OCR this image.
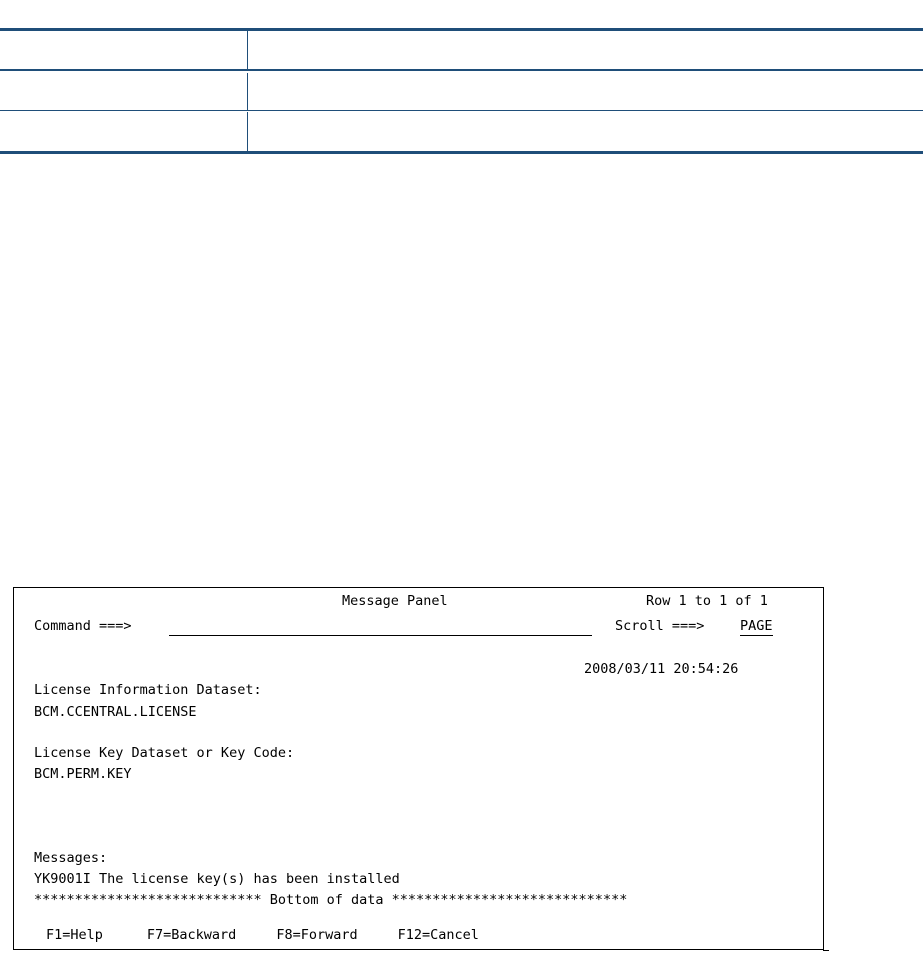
Message Panel	Row 1 to 1 of 1
Command ===>	Scroll ===>	PAGE
2008/03/11 20:54:26
License Information Dataset:
BCM.CCENTRAL.LICENSE
License Key Dataset or Key Code:
BCM.PERM.KEY
Messages:
YK9001I The license key(s) has been installed
**************************** Bottom of data *****************************
F1=Help	F7=Backward	F8=Forward	F12=Cancel
